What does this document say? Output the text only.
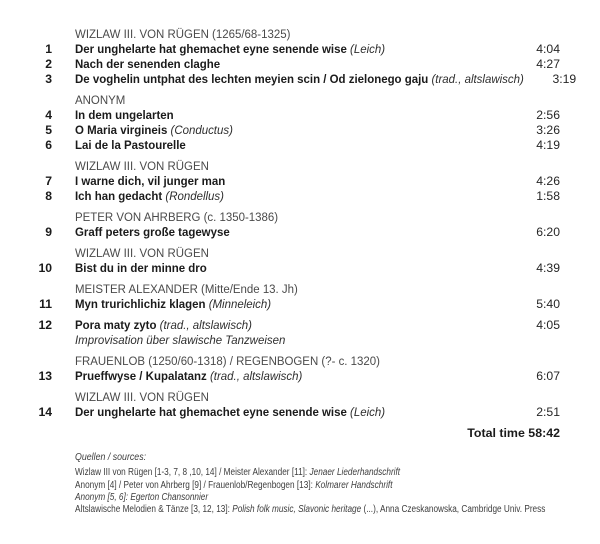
WIZLAW III. VON RÜGEN (1265/68-1325)
1 Der unghelarte hat ghemachet eyne senende wise (Leich)	4:04
2 Nach der senenden claghe	4:27
3 De voghelin untphat des lechten meyien scin / Od zielonego gaju (trad., altslawisch) 3:19
ANONYM
4 In dem ungelarten	2:56
5 O Maria virgineis (Conductus)	3:26
6 Lai de la Pastourelle	4:19
WIZLAW III. VON RÜGEN
7 I warne dich, vil junger man	4:26
8 Ich han gedacht (Rondellus)	1:58
PETER VON AHRBERG (c. 1350-1386)
9 Graff peters große tagewyse	6:20
WIZLAW III. VON RÜGEN
10 Bist du in der minne dro	4:39
MEISTER ALEXANDER (Mitte/Ende 13. Jh)
11 Myn trurichlichiz klagen (Minneleich)	5:40
12 Pora maty zyto (trad., altslawisch)	4:05
Improvisation über slawische Tanzweisen
FRAUENLOB (1250/60-1318) / REGENBOGEN (?- c. 1320)
13 Prueffwyse / Kupalatanz (trad., altslawisch)	6:07
WIZLAW III. VON RÜGEN
14 Der unghelarte hat ghemachet eyne senende wise (Leich)	2:51
Total time 58:42
Quellen / sources:
Wizlaw III von Rügen [1-3, 7, 8 ,10, 14] / Meister Alexander [11]: Jenaer Liederhandschrift
Anonym [4] / Peter von Ahrberg [9] / Frauenlob/Regenbogen [13]: Kolmarer Handschrift
Anonym [5, 6]: Egerton Chansonnier
Altslawische Melodien & Tänze [3, 12, 13]: Polish folk music, Slavonic heritage (...), Anna Czeskanowska, Cambridge Univ. Press
